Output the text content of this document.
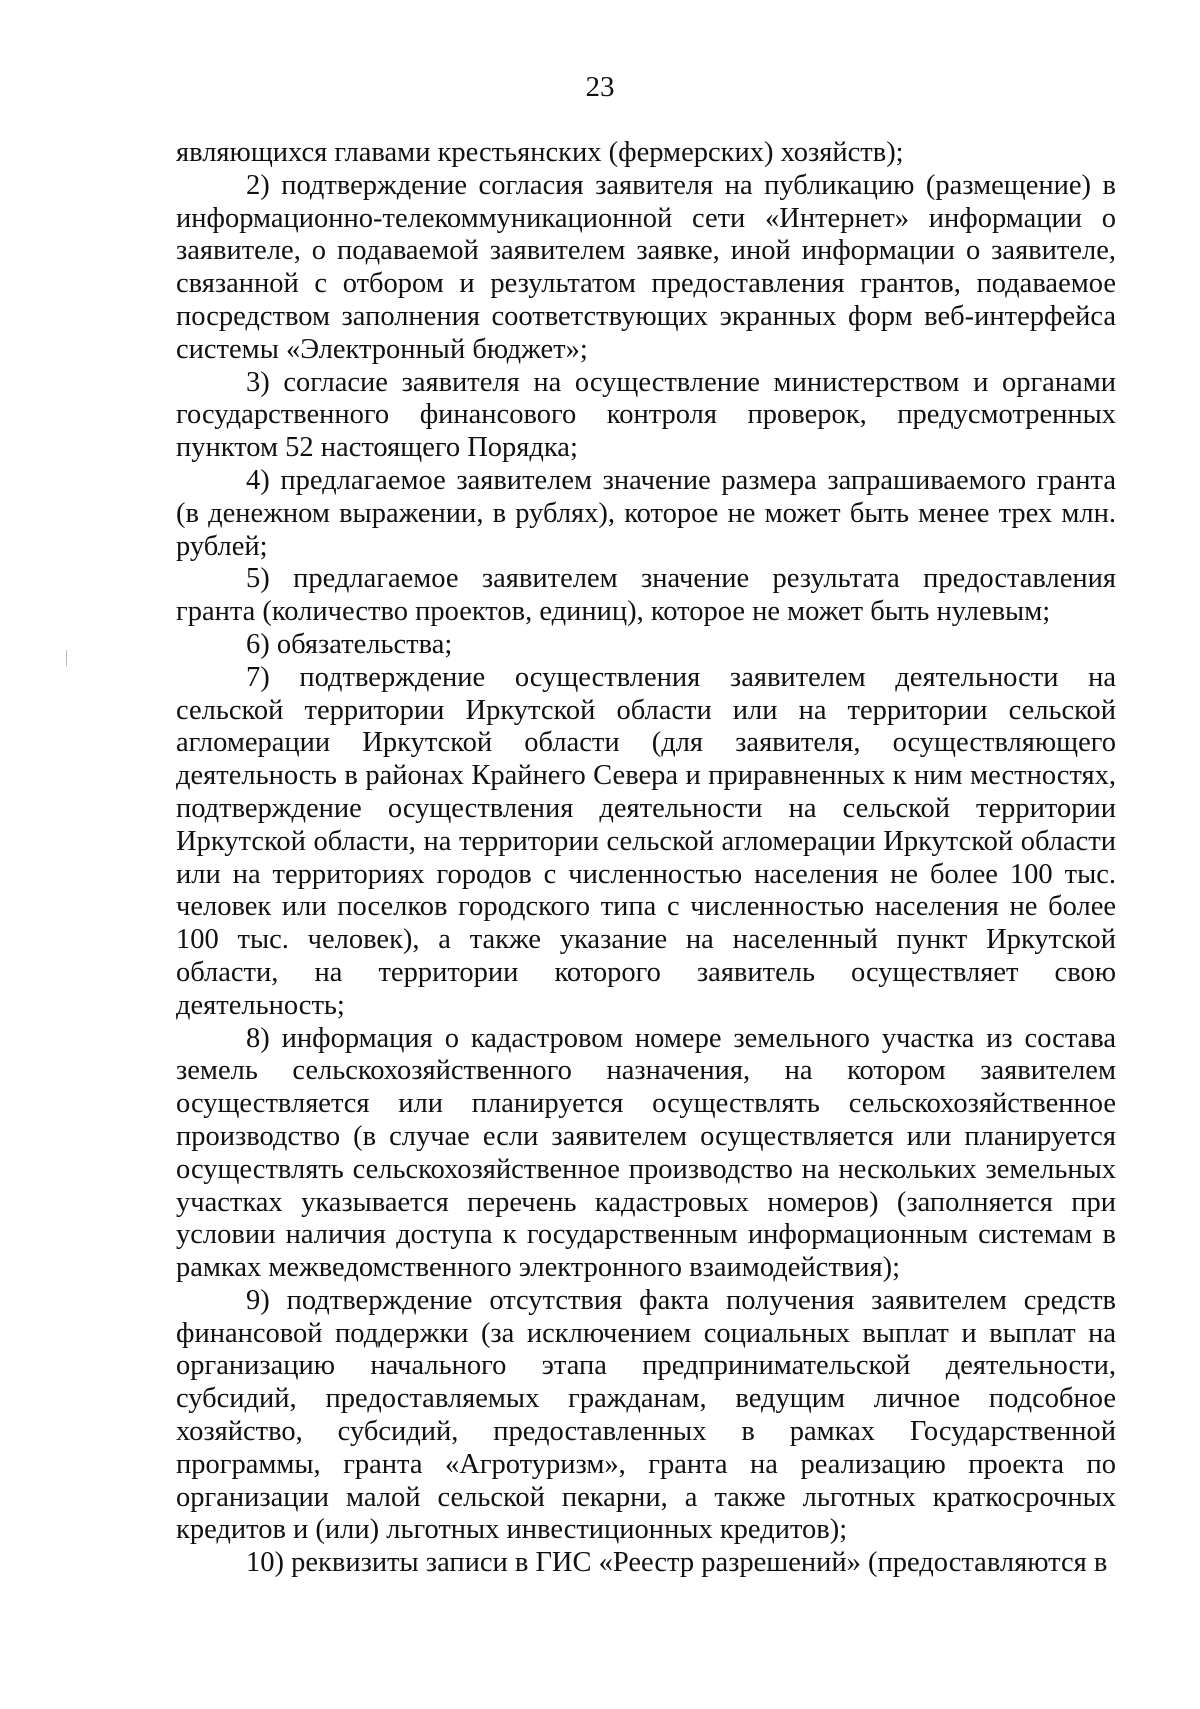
23

являющихся главами крестьянских (фермерских) хозяйств);

2) подтверждение согласия заявителя на публикацию (размещение) в информационно-телекоммуникационной сети «Интернет» информации о заявителе, о подаваемой заявителем заявке, иной информации о заявителе, связанной с отбором и результатом предоставления грантов, подаваемое посредством заполнения соответствующих экранных форм веб-интерфейса системы «Электронный бюджет»;

3) согласие заявителя на осуществление министерством и органами государственного финансового контроля проверок, предусмотренных пунктом 52 настоящего Порядка;

4) предлагаемое заявителем значение размера запрашиваемого гранта (в денежном выражении, в рублях), которое не может быть менее трех млн. рублей;

5) предлагаемое заявителем значение результата предоставления гранта (количество проектов, единиц), которое не может быть нулевым;

6) обязательства;

7) подтверждение осуществления заявителем деятельности на сельской территории Иркутской области или на территории сельской агломерации Иркутской области (для заявителя, осуществляющего деятельность в районах Крайнего Севера и приравненных к ним местностях, подтверждение осуществления деятельности на сельской территории Иркутской области, на территории сельской агломерации Иркутской области или на территориях городов с численностью населения не более 100 тыс. человек или поселков городского типа с численностью населения не более 100 тыс. человек), а также указание на населенный пункт Иркутской области, на территории которого заявитель осуществляет свою деятельность;

8) информация о кадастровом номере земельного участка из состава земель сельскохозяйственного назначения, на котором заявителем осуществляется или планируется осуществлять сельскохозяйственное производство (в случае если заявителем осуществляется или планируется осуществлять сельскохозяйственное производство на нескольких земельных участках указывается перечень кадастровых номеров) (заполняется при условии наличия доступа к государственным информационным системам в рамках межведомственного электронного взаимодействия);

9) подтверждение отсутствия факта получения заявителем средств финансовой поддержки (за исключением социальных выплат и выплат на организацию начального этапа предпринимательской деятельности, субсидий, предоставляемых гражданам, ведущим личное подсобное хозяйство, субсидий, предоставленных в рамках Государственной программы, гранта «Агротуризм», гранта на реализацию проекта по организации малой сельской пекарни, а также льготных краткосрочных кредитов и (или) льготных инвестиционных кредитов);

10) реквизиты записи в ГИС «Реестр разрешений» (предоставляются в
